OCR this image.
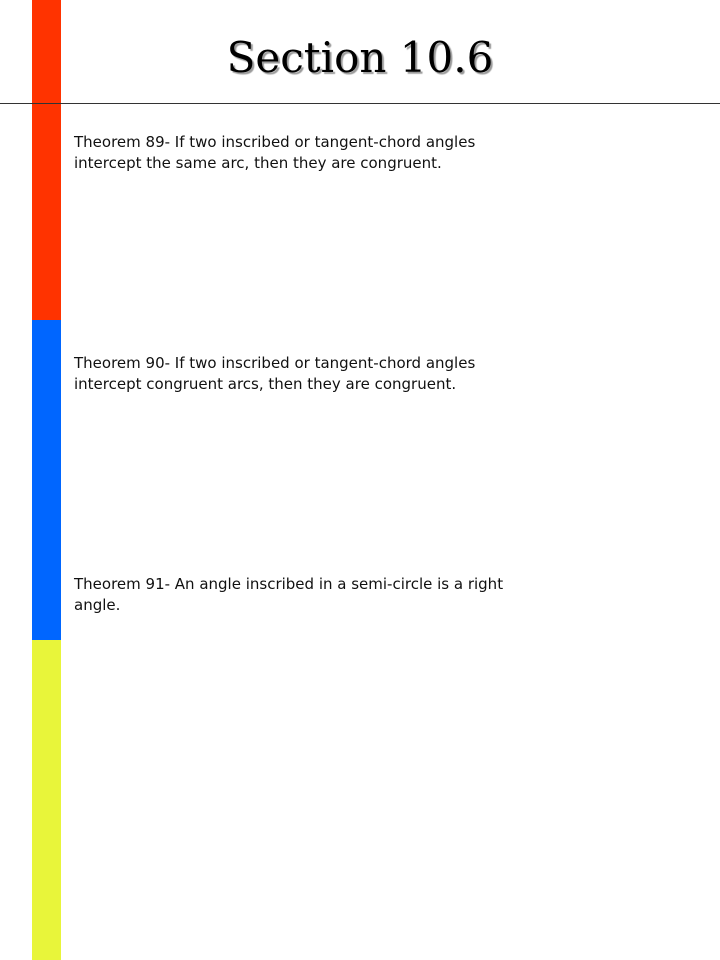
Section 10.6

Theorem 89- If two inscribed or tangent-chord angles intercept the same arc, then they are congruent.

Theorem 90- If two inscribed or tangent-chord angles intercept congruent arcs, then they are congruent.

Theorem 91- An angle inscribed in a semi-circle is a right angle.
